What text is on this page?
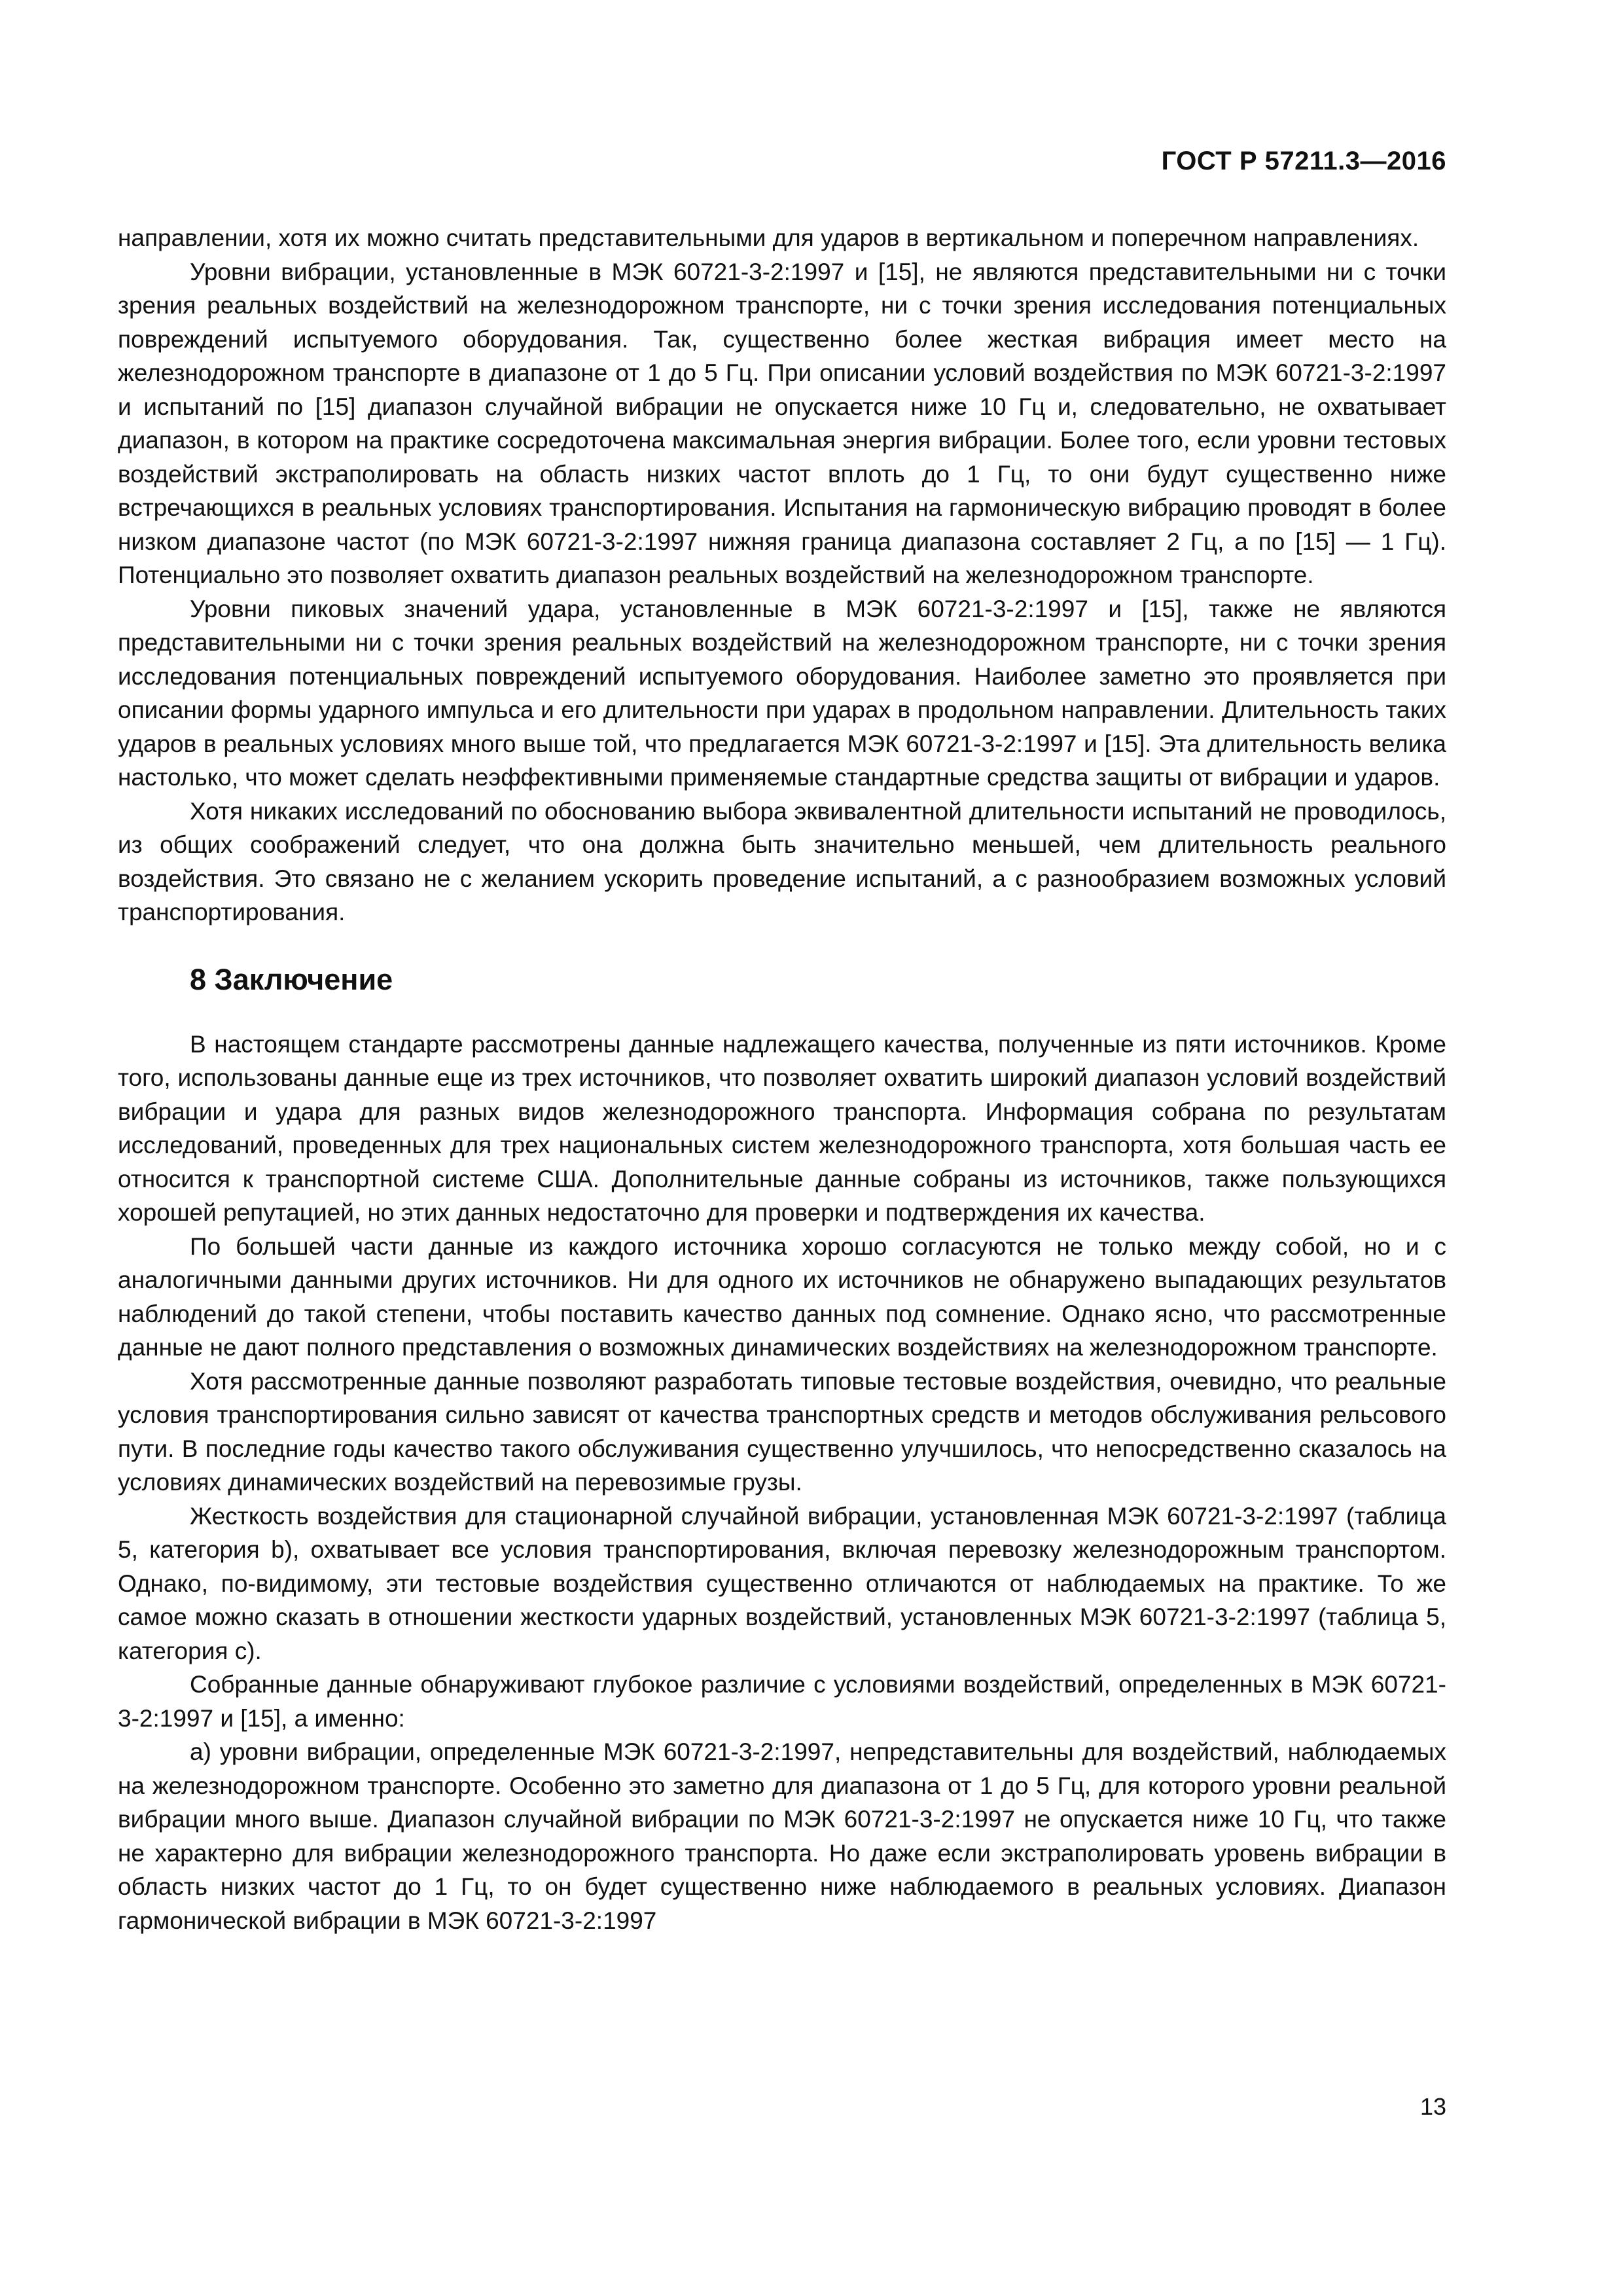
ГОСТ Р 57211.3—2016

направлении, хотя их можно считать представительными для ударов в вертикальном и поперечном направлениях.

Уровни вибрации, установленные в МЭК 60721-3-2:1997 и [15], не являются представительными ни с точки зрения реальных воздействий на железнодорожном транспорте, ни с точки зрения исследования потенциальных повреждений испытуемого оборудования. Так, существенно более жесткая вибрация имеет место на железнодорожном транспорте в диапазоне от 1 до 5 Гц. При описании условий воздействия по МЭК 60721-3-2:1997 и испытаний по [15] диапазон случайной вибрации не опускается ниже 10 Гц и, следовательно, не охватывает диапазон, в котором на практике сосредоточена максимальная энергия вибрации. Более того, если уровни тестовых воздействий экстраполировать на область низких частот вплоть до 1 Гц, то они будут существенно ниже встречающихся в реальных условиях транспортирования. Испытания на гармоническую вибрацию проводят в более низком диапазоне частот (по МЭК 60721-3-2:1997 нижняя граница диапазона составляет 2 Гц, а по [15] — 1 Гц). Потенциально это позволяет охватить диапазон реальных воздействий на железнодорожном транспорте.

Уровни пиковых значений удара, установленные в МЭК 60721-3-2:1997 и [15], также не являются представительными ни с точки зрения реальных воздействий на железнодорожном транспорте, ни с точки зрения исследования потенциальных повреждений испытуемого оборудования. Наиболее заметно это проявляется при описании формы ударного импульса и его длительности при ударах в продольном направлении. Длительность таких ударов в реальных условиях много выше той, что предлагается МЭК 60721-3-2:1997 и [15]. Эта длительность велика настолько, что может сделать неэффективными применяемые стандартные средства защиты от вибрации и ударов.

Хотя никаких исследований по обоснованию выбора эквивалентной длительности испытаний не проводилось, из общих соображений следует, что она должна быть значительно меньшей, чем длительность реального воздействия. Это связано не с желанием ускорить проведение испытаний, а с разнообразием возможных условий транспортирования.

8 Заключение

В настоящем стандарте рассмотрены данные надлежащего качества, полученные из пяти источников. Кроме того, использованы данные еще из трех источников, что позволяет охватить широкий диапазон условий воздействий вибрации и удара для разных видов железнодорожного транспорта. Информация собрана по результатам исследований, проведенных для трех национальных систем железнодорожного транспорта, хотя большая часть ее относится к транспортной системе США. Дополнительные данные собраны из источников, также пользующихся хорошей репутацией, но этих данных недостаточно для проверки и подтверждения их качества.

По большей части данные из каждого источника хорошо согласуются не только между собой, но и с аналогичными данными других источников. Ни для одного их источников не обнаружено выпадающих результатов наблюдений до такой степени, чтобы поставить качество данных под сомнение. Однако ясно, что рассмотренные данные не дают полного представления о возможных динамических воздействиях на железнодорожном транспорте.

Хотя рассмотренные данные позволяют разработать типовые тестовые воздействия, очевидно, что реальные условия транспортирования сильно зависят от качества транспортных средств и методов обслуживания рельсового пути. В последние годы качество такого обслуживания существенно улучшилось, что непосредственно сказалось на условиях динамических воздействий на перевозимые грузы.

Жесткость воздействия для стационарной случайной вибрации, установленная МЭК 60721-3-2:1997 (таблица 5, категория b), охватывает все условия транспортирования, включая перевозку железнодорожным транспортом. Однако, по-видимому, эти тестовые воздействия существенно отличаются от наблюдаемых на практике. То же самое можно сказать в отношении жесткости ударных воздействий, установленных МЭК 60721-3-2:1997 (таблица 5, категория c).

Собранные данные обнаруживают глубокое различие с условиями воздействий, определенных в МЭК 60721-3-2:1997 и [15], а именно:

а) уровни вибрации, определенные МЭК 60721-3-2:1997, непредставительны для воздействий, наблюдаемых на железнодорожном транспорте. Особенно это заметно для диапазона от 1 до 5 Гц, для которого уровни реальной вибрации много выше. Диапазон случайной вибрации по МЭК 60721-3-2:1997 не опускается ниже 10 Гц, что также не характерно для вибрации железнодорожного транспорта. Но даже если экстраполировать уровень вибрации в область низких частот до 1 Гц, то он будет существенно ниже наблюдаемого в реальных условиях. Диапазон гармонической вибрации в МЭК 60721-3-2:1997

13
